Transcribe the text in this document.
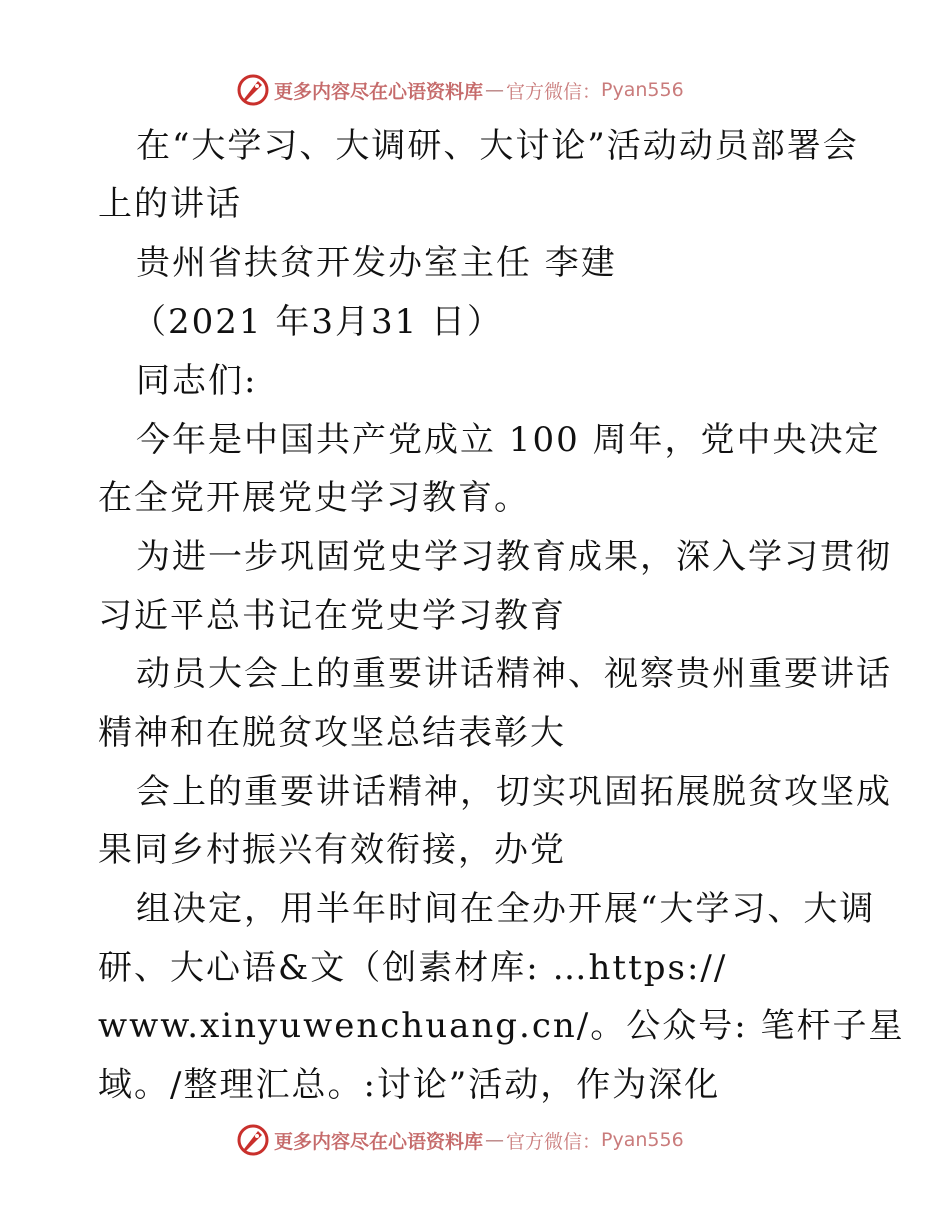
更多内容尽在心语资料库 — 官方微信： Pyan556
在“大学习、大调研、大讨论”活动动员部署会
上的讲话
贵州省扶贫开发办室主任 李建
（2021 年3月31 日）
同志们:
今年是中国共产党成立 100 周年，党中央决定
在全党开展党史学习教育。
为进一步巩固党史学习教育成果，深入学习贯彻
习近平总书记在党史学习教育
动员大会上的重要讲话精神、视察贵州重要讲话
精神和在脱贫攻坚总结表彰大
会上的重要讲话精神，切实巩固拓展脱贫攻坚成
果同乡村振兴有效衔接，办党
组决定，用半年时间在全办开展“大学习、大调
研、大心语&文（创素材库: …https://
www.xinyuwenchuang.cn/。公众号: 笔杆子星
域。/整理汇总。:讨论”活动，作为深化
更多内容尽在心语资料库 — 官方微信： Pyan556
